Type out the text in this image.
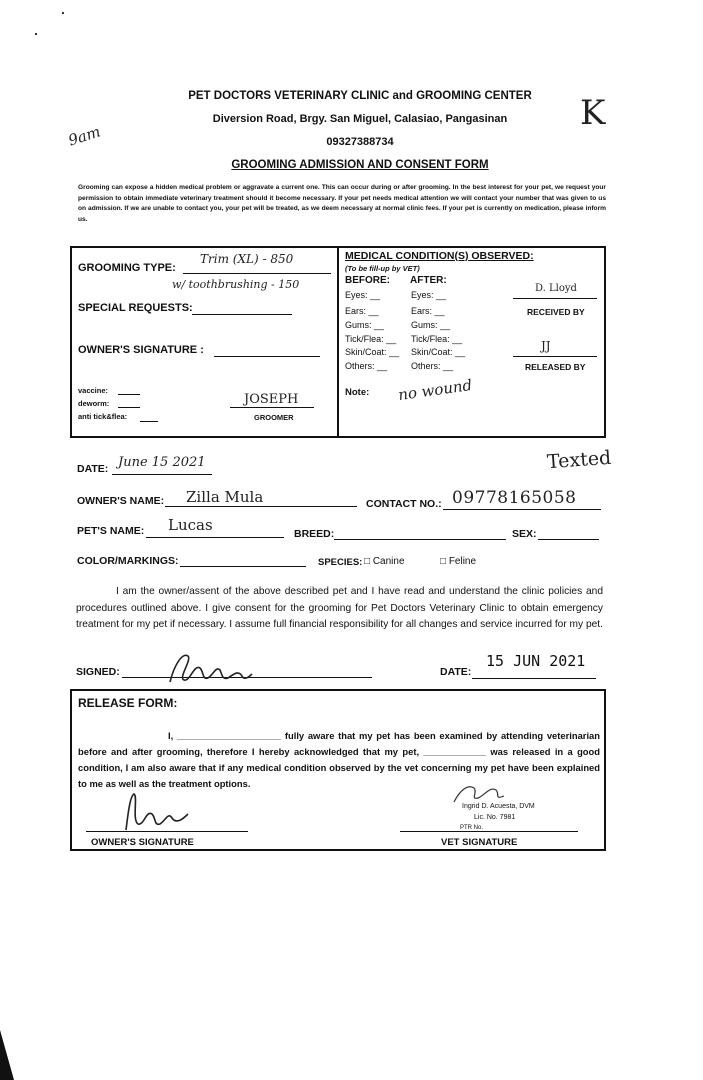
PET DOCTORS VETERINARY CLINIC and GROOMING CENTER
Diversion Road, Brgy. San Miguel, Calasiao, Pangasinan
09327388734
GROOMING ADMISSION AND CONSENT FORM
9am
K
Grooming can expose a hidden medical problem or aggravate a current one. This can occur during or after grooming. In the best interest for your pet, we request your permission to obtain immediate veterinary treatment should it become necessary. If your pet needs medical attention we will contact your number that was given to us on admission. If we are unable to contact you, your pet will be treated, as we deem necessary at normal clinic fees. If your pet is currently on medication, please inform us.
GROOMING TYPE:
Trim (XL) - 850
w/ toothbrushing - 150
SPECIAL REQUESTS:
OWNER'S SIGNATURE :
vaccine:
deworm:
anti tick&flea:
JOSEPH
GROOMER
MEDICAL CONDITION(S) OBSERVED:
(To be fill-up by VET)
BEFORE: AFTER:
Eyes: __	Eyes: __
Ears: __	Ears: __
Gums: __	Gums: __
Tick/Flea: __ Tick/Flea: __
Skin/Coat: __ Skin/Coat: __
Others: __	Others: __
D. Lloyd
RECEIVED BY
JJ
RELEASED BY
Note: no wound
Texted
DATE: June 15 2021
OWNER'S NAME: Zilla Mula	CONTACT NO.: 09778165058
PET'S NAME: Lucas	BREED:	SEX:
COLOR/MARKINGS:	SPECIES: □ Canine	□ Feline
I am the owner/assent of the above described pet and I have read and understand the clinic policies and procedures outlined above. I give consent for the grooming for Pet Doctors Veterinary Clinic to obtain emergency treatment for my pet if necessary. I assume full financial responsibility for all changes and service incurred for my pet.
SIGNED:	DATE:
15 JUN 2021
RELEASE FORM:
I, ____________________ fully aware that my pet has been examined by attending veterinarian before and after grooming, therefore I hereby acknowledged that my pet, ____________ was released in a good condition, I am also aware that if any medical condition observed by the vet concerning my pet have been explained to me as well as the treatment options.
OWNER'S SIGNATURE
Ingrid D. Acuesta, DVM
Lic. No. 7981
PTR No.
VET SIGNATURE
